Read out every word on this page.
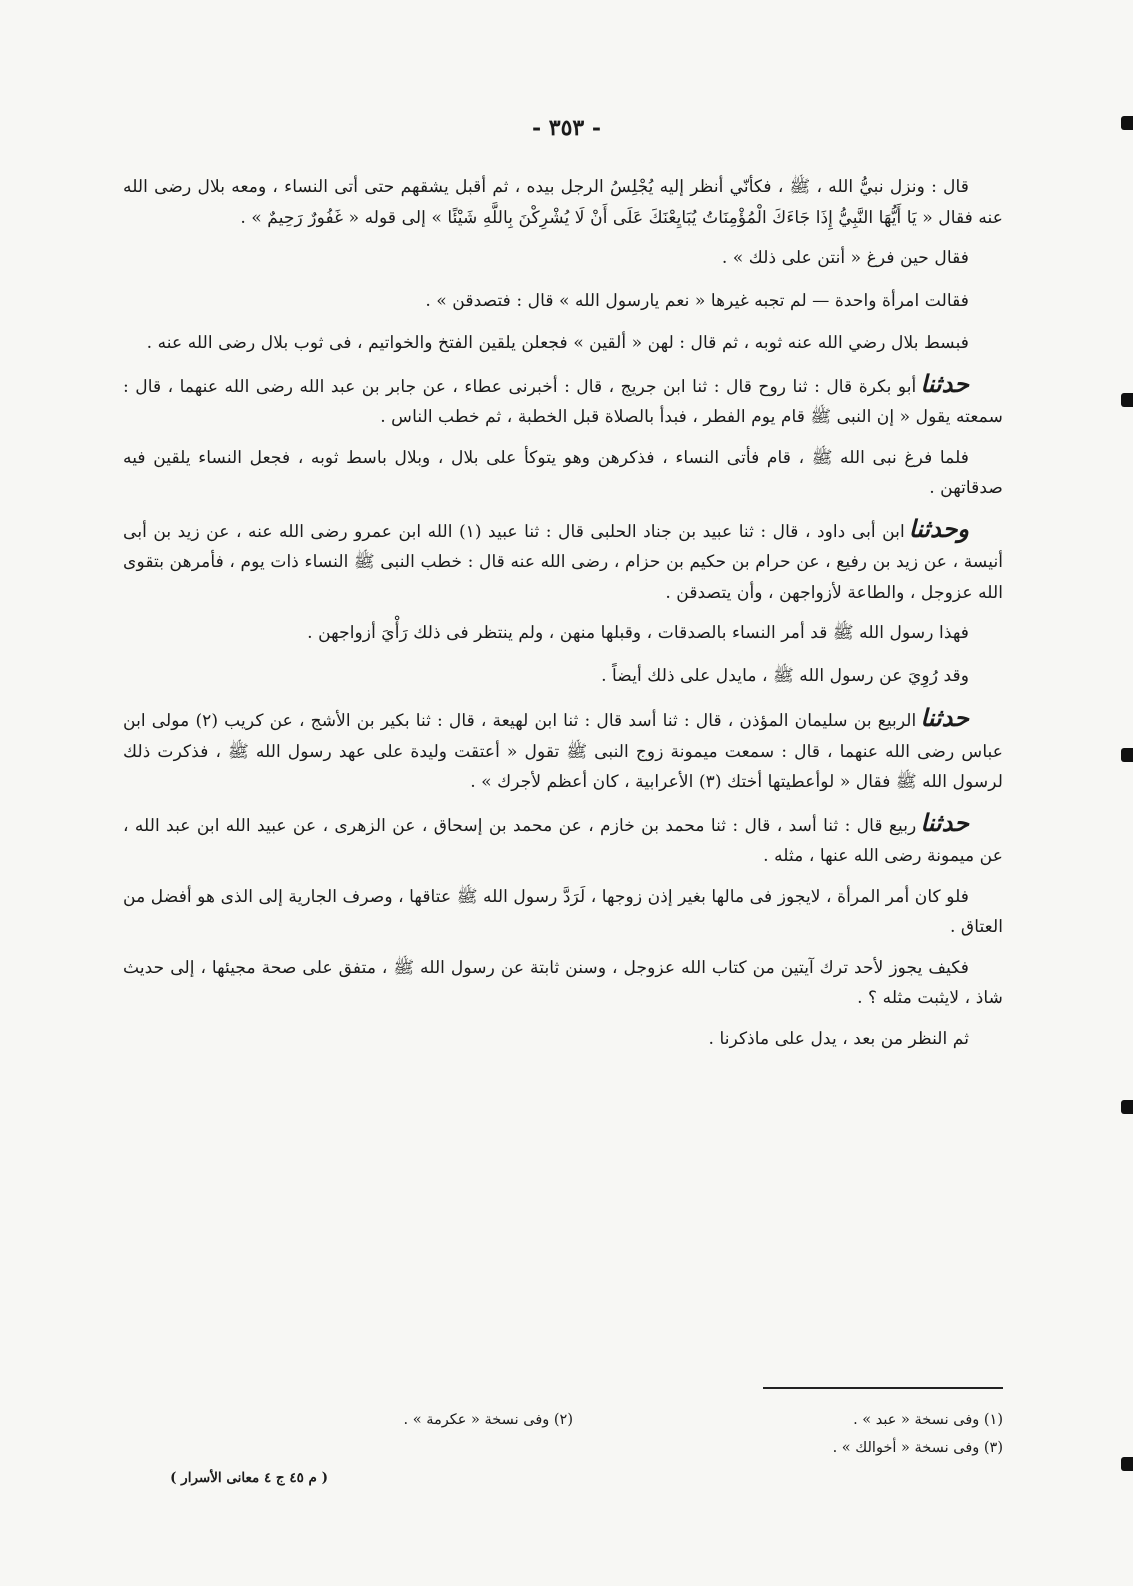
- ٣٥٣ -

قال : ونزل نبيُّ الله ، ﷺ ، فكأنّي أنظر إليه يُجْلِسُ الرجل بيده ، ثم أقبل يشقهم حتى أتى النساء ، ومعه بلال رضى الله عنه فقال « يَا أَيُّهَا النَّبِيُّ إِذَا جَاءَكَ الْمُؤْمِنَاتُ يُبَايِعْنَكَ عَلَى أَنْ لَا يُشْرِكْنَ بِاللَّهِ شَيْئًا » إلى قوله « غَفُورٌ رَحِيمٌ » .

فقال حين فرغ « أنتن على ذلك » .

فقالت امرأة واحدة — لم تجبه غيرها « نعم يارسول الله » قال : فتصدقن » .

فبسط بلال رضي الله عنه ثوبه ، ثم قال : لهن « ألقين » فجعلن يلقين الفتخ والخواتيم ، فى ثوب بلال رضى الله عنه .

حدثناأبو بكرة قال : ثنا روح قال : ثنا ابن جريج ، قال : أخبرنى عطاء ، عن جابر بن عبد الله رضى الله عنهما ، قال : سمعته يقول « إن النبى ﷺ قام يوم الفطر ، فبدأ بالصلاة قبل الخطبة ، ثم خطب الناس .

فلما فرغ نبى الله ﷺ ، قام فأتى النساء ، فذكرهن وهو يتوكأ على بلال ، وبلال باسط ثوبه ، فجعل النساء يلقين فيه صدقاتهن .

وحدثناابن أبى داود ، قال : ثنا عبيد بن جناد الحلبى قال : ثنا عبيد (١) الله ابن عمرو رضى الله عنه ، عن زيد بن أبى أنيسة ، عن زيد بن رفيع ، عن حرام بن حكيم بن حزام ، رضى الله عنه قال : خطب النبى ﷺ النساء ذات يوم ، فأمرهن بتقوى الله عزوجل ، والطاعة لأزواجهن ، وأن يتصدقن .

فهذا رسول الله ﷺ قد أمر النساء بالصدقات ، وقبلها منهن ، ولم ينتظر فى ذلك رَأْيَ أزواجهن .

وقد رُوِيَ عن رسول الله ﷺ ، مايدل على ذلك أيضاً .

حدثناالربيع بن سليمان المؤذن ، قال : ثنا أسد قال : ثنا ابن لهيعة ، قال : ثنا بكير بن الأشج ، عن كريب (٢) مولى ابن عباس رضى الله عنهما ، قال : سمعت ميمونة زوج النبى ﷺ تقول « أعتقت وليدة على عهد رسول الله ﷺ ، فذكرت ذلك لرسول الله ﷺ فقال « لوأعطيتها أختك (٣) الأعرابية ، كان أعظم لأجرك » .

حدثناربيع قال : ثنا أسد ، قال : ثنا محمد بن خازم ، عن محمد بن إسحاق ، عن الزهرى ، عن عبيد الله ابن عبد الله ، عن ميمونة رضى الله عنها ، مثله .

فلو كان أمر المرأة ، لايجوز فى مالها بغير إذن زوجها ، لَرَدَّ رسول الله ﷺ عتاقها ، وصرف الجارية إلى الذى هو أفضل من العتاق .

فكيف يجوز لأحد ترك آيتين من كتاب الله عزوجل ، وسنن ثابتة عن رسول الله ﷺ ، متفق على صحة مجيئها ، إلى حديث شاذ ، لايثبت مثله ؟ .

ثم النظر من بعد ، يدل على ماذكرنا .

(١) وفى نسخة « عبد » .
(٣) وفى نسخة « أخوالك » .
(٢) وفى نسخة « عكرمة » .
( م ٤٥ ج ٤ معانى الأسرار )
